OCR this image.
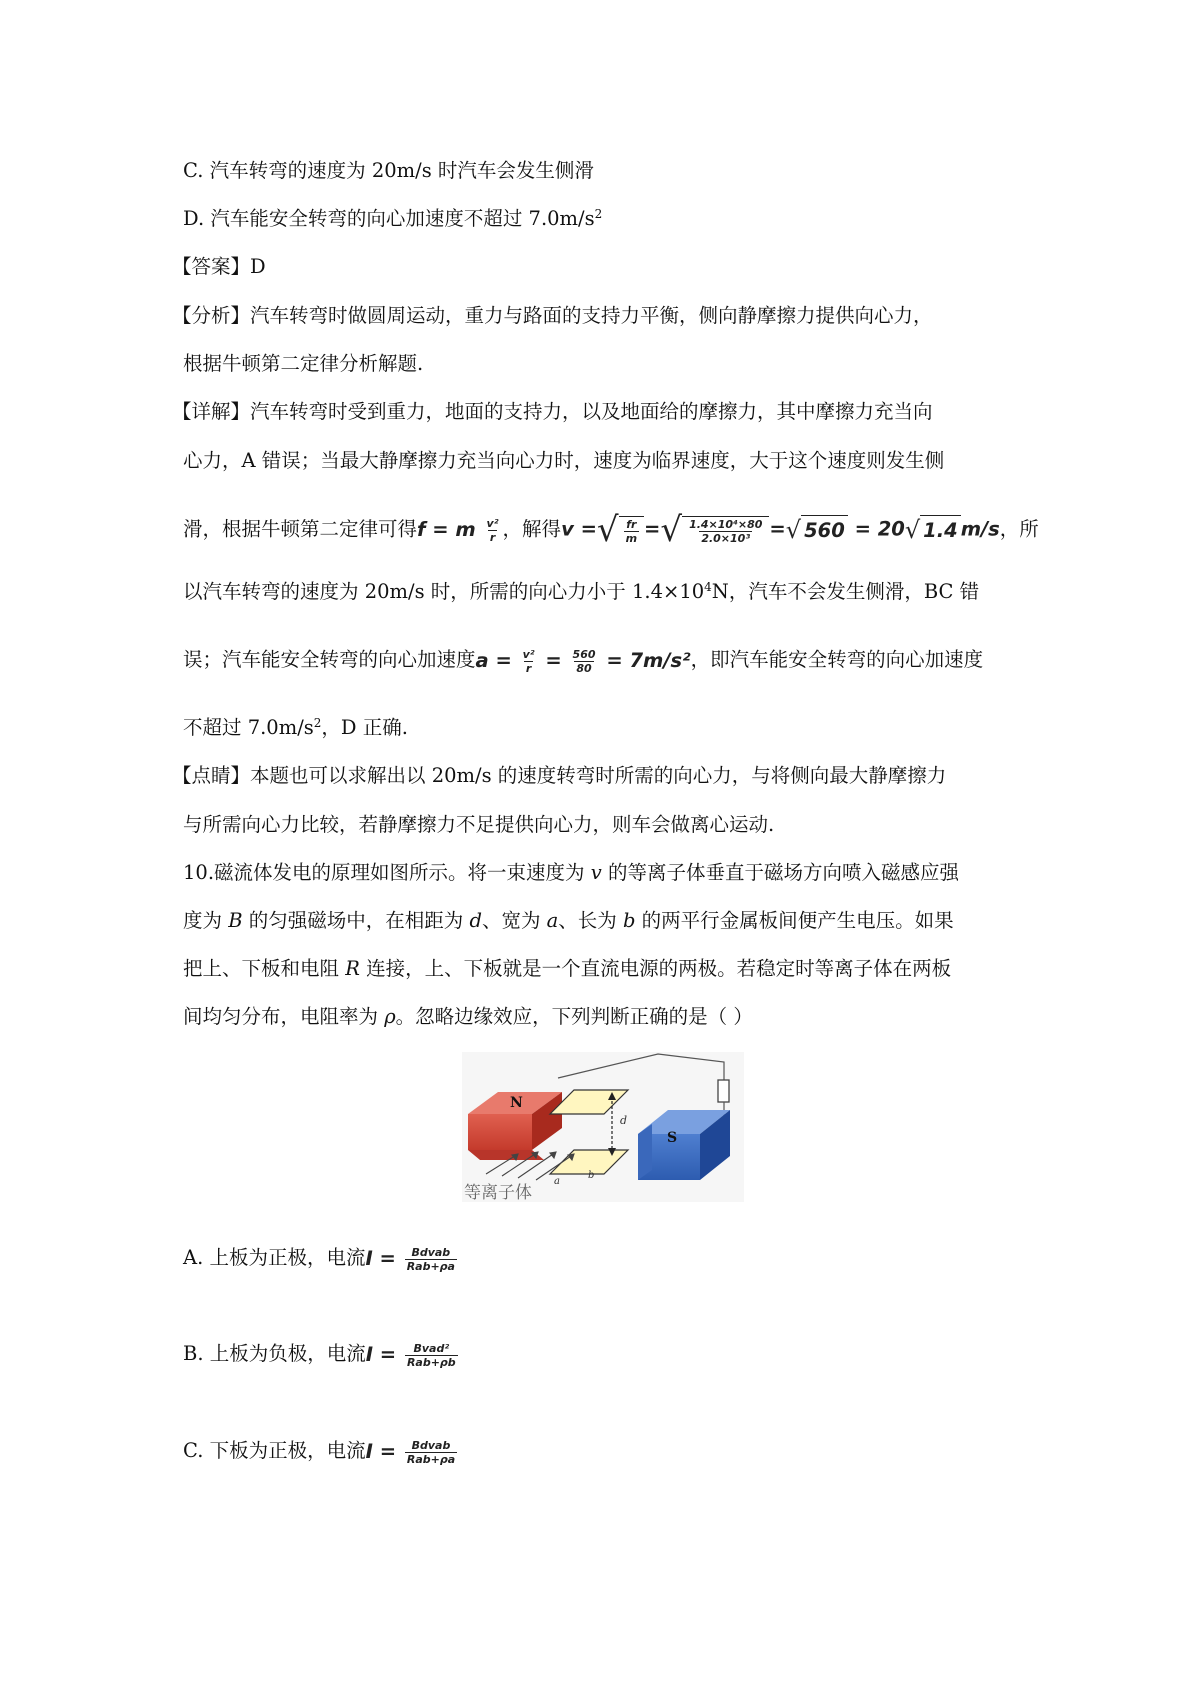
C. 汽车转弯的速度为 20m/s 时汽车会发生侧滑
D. 汽车能安全转弯的向心加速度不超过 $7.0m/s^2$
【答案】D
【分析】汽车转弯时做圆周运动，重力与路面的支持力平衡，侧向静摩擦力提供向心力，
根据牛顿第二定律分析解题.
【详解】汽车转弯时受到重力，地面的支持力，以及地面给的摩擦力，其中摩擦力充当向
心力，A 错误；当最大静摩擦力充当向心力时，速度为临界速度，大于这个速度则发生侧
滑，根据牛顿第二定律可得f = m $\frac{\text{v²}}{r}$ ，解得v = √ $\frac{fr}{m}$ = √ $\frac{\text{1.4×10⁴×80}}{\text{2.0×10³}}$ = √ 560 = 20 √ 1.4 m/s，所
以汽车转弯的速度为 20m/s 时，所需的向心力小于 $1.4\times 10^4N$，汽车不会发生侧滑，BC 错
误；汽车能安全转弯的向心加速度$a = \frac{\text{v²}}{r} = \frac{560}{80} = 7m/s^2$，即汽车能安全转弯的向心加速度
不超过 $7.0m/s^2$，D 正确.
【点睛】本题也可以求解出以 20m/s 的速度转弯时所需的向心力，与将侧向最大静摩擦力
与所需向心力比较，若静摩擦力不足提供向心力，则车会做离心运动.
10.磁流体发电的原理如图所示。将一束速度为 v 的等离子体垂直于磁场方向喷入磁感应强
度为 B 的匀强磁场中，在相距为 d、宽为 a、长为 b 的两平行金属板间便产生电压。如果
把上、下板和电阻 R 连接，上、下板就是一个直流电源的两极。若稳定时等离子体在两板
间均匀分布，电阻率为 ρ。忽略边缘效应，下列判断正确的是（ ）
N
d
S
a
b
等离子体
A. 上板为正极，电流$I = \frac{\text{Bdvab}}{\text{Rab+ρa}}$
B. 上板为负极，电流$I = \frac{\text{Bvad²}}{\text{Rab+ρb}}$
C. 下板为正极，电流$I = \frac{\text{Bdvab}}{\text{Rab+ρa}}$
